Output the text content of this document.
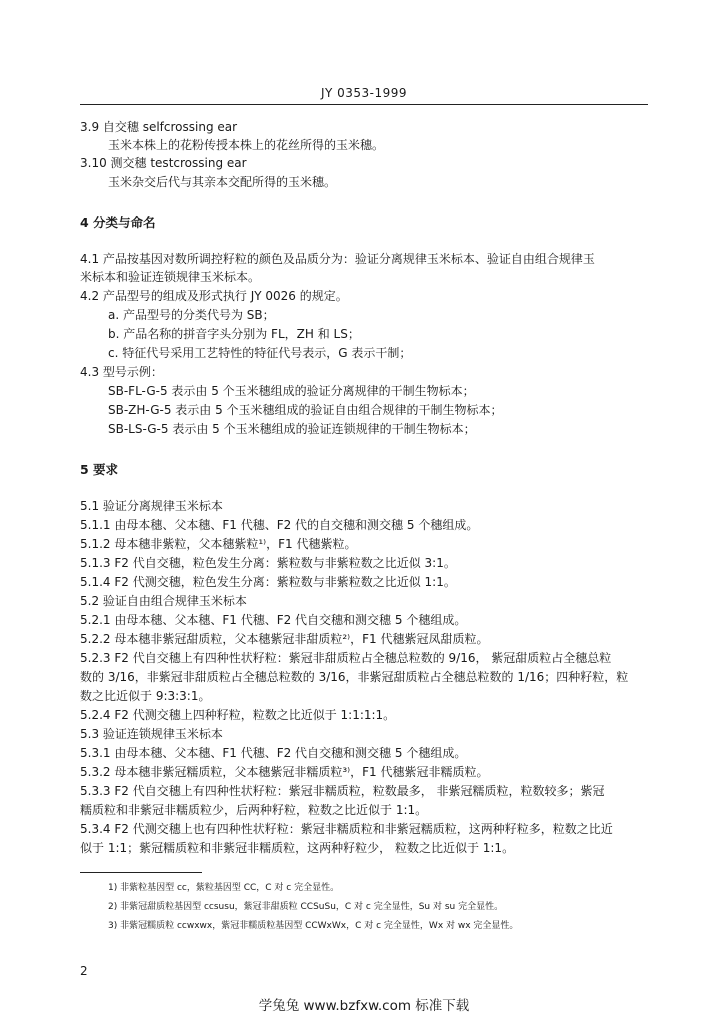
JY 0353-1999
3.9 自交穗 selfcrossing ear
玉米本株上的花粉传授本株上的花丝所得的玉米穗。
3.10 测交穗 testcrossing ear
玉米杂交后代与其亲本交配所得的玉米穗。
4 分类与命名
4.1 产品按基因对数所调控籽粒的颜色及品质分为：验证分离规律玉米标本、验证自由组合规律玉
米标本和验证连锁规律玉米标本。
4.2 产品型号的组成及形式执行 JY 0026 的规定。
a. 产品型号的分类代号为 SB；
b. 产品名称的拼音字头分别为 FL，ZH 和 LS；
c. 特征代号采用工艺特性的特征代号表示，G 表示干制；
4.3 型号示例：
SB-FL-G-5 表示由 5 个玉米穗组成的验证分离规律的干制生物标本；
SB-ZH-G-5 表示由 5 个玉米穗组成的验证自由组合规律的干制生物标本；
SB-LS-G-5 表示由 5 个玉米穗组成的验证连锁规律的干制生物标本；
5 要求
5.1 验证分离规律玉米标本
5.1.1 由母本穗、父本穗、F1 代穗、F2 代的自交穗和测交穗 5 个穗组成。
5.1.2 母本穗非紫粒，父本穗紫粒¹⁾，F1 代穗紫粒。
5.1.3 F2 代自交穗，粒色发生分离：紫粒数与非紫粒数之比近似 3:1。
5.1.4 F2 代测交穗，粒色发生分离：紫粒数与非紫粒数之比近似 1:1。
5.2 验证自由组合规律玉米标本
5.2.1 由母本穗、父本穗、F1 代穗、F2 代自交穗和测交穗 5 个穗组成。
5.2.2 母本穗非紫冠甜质粒，父本穗紫冠非甜质粒²⁾，F1 代穗紫冠凤甜质粒。
5.2.3 F2 代自交穗上有四种性状籽粒：紫冠非甜质粒占全穗总粒数的 9/16， 紫冠甜质粒占全穗总粒
数的 3/16，非紫冠非甜质粒占全穗总粒数的 3/16，非紫冠甜质粒占全穗总粒数的 1/16；四种籽粒，粒
数之比近似于 9:3:3:1。
5.2.4 F2 代测交穗上四种籽粒，粒数之比近似于 1:1:1:1。
5.3 验证连锁规律玉米标本
5.3.1 由母本穗、父本穗、F1 代穗、F2 代自交穗和测交穗 5 个穗组成。
5.3.2 母本穗非紫冠糯质粒，父本穗紫冠非糯质粒³⁾，F1 代穗紫冠非糯质粒。
5.3.3 F2 代自交穗上有四种性状籽粒：紫冠非糯质粒，粒数最多， 非紫冠糯质粒，粒数较多；紫冠
糯质粒和非紫冠非糯质粒少，后两种籽粒，粒数之比近似于 1:1。
5.3.4 F2 代测交穗上也有四种性状籽粒：紫冠非糯质粒和非紫冠糯质粒，这两种籽粒多，粒数之比近
似于 1:1；紫冠糯质粒和非紫冠非糯质粒，这两种籽粒少， 粒数之比近似于 1:1。
1) 非紫粒基因型 cc，紫粒基因型 CC，C 对 c 完全显性。
2) 非紫冠甜质粒基因型 ccsusu，紫冠非甜质粒 CCSuSu，C 对 c 完全显性，Su 对 su 完全显性。
3) 非紫冠糯质粒 ccwxwx，紫冠非糯质粒基因型 CCWxWx，C 对 c 完全显性，Wx 对 wx 完全显性。
2
学兔兔 www.bzfxw.com 标准下载
